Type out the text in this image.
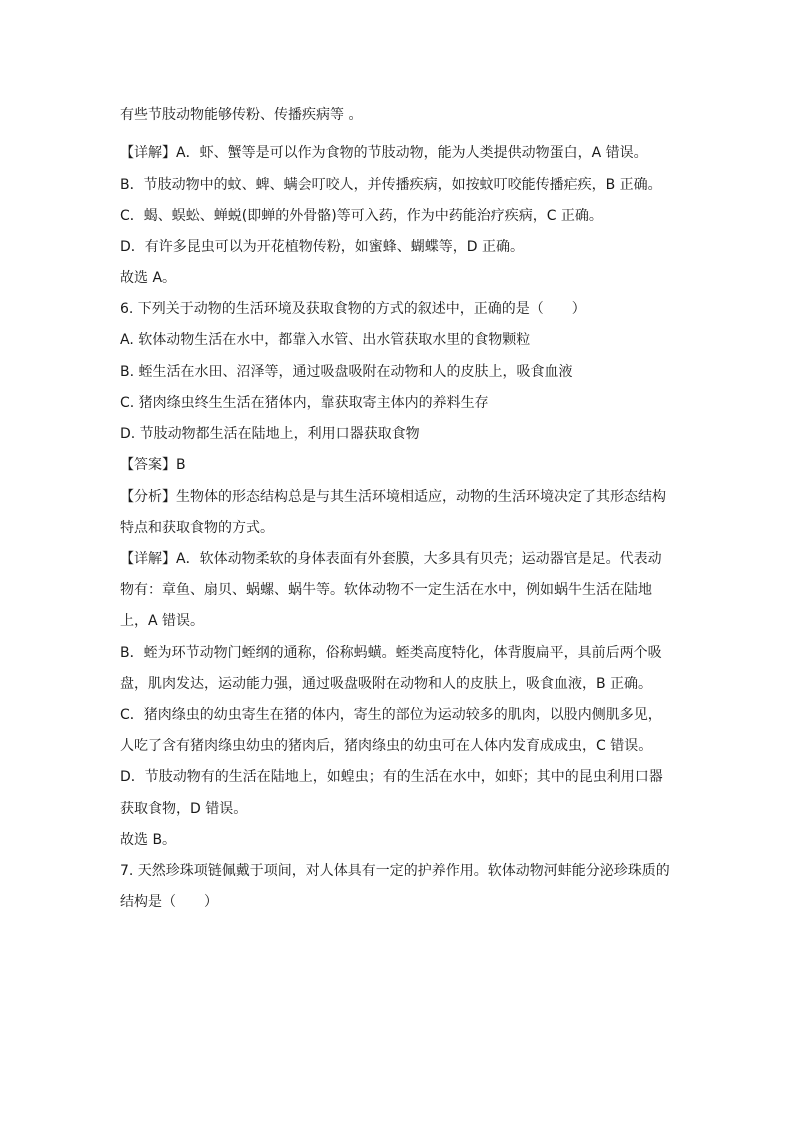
有些节肢动物能够传粉、传播疾病等 。
【详解】A．虾、蟹等是可以作为食物的节肢动物，能为人类提供动物蛋白，A 错误。
B．节肢动物中的蚊、蜱、螨会叮咬人，并传播疾病，如按蚊叮咬能传播疟疾，B 正确。
C．蝎、蜈蚣、蝉蜕(即蝉的外骨骼)等可入药，作为中药能治疗疾病，C 正确。
D．有许多昆虫可以为开花植物传粉，如蜜蜂、蝴蝶等，D 正确。
故选 A。
6. 下列关于动物的生活环境及获取食物的方式的叙述中，正确的是（　　）
A. 软体动物生活在水中，都靠入水管、出水管获取水里的食物颗粒
B. 蛭生活在水田、沼泽等，通过吸盘吸附在动物和人的皮肤上，吸食血液
C. 猪肉绦虫终生生活在猪体内，靠获取寄主体内的养料生存
D. 节肢动物都生活在陆地上，利用口器获取食物
【答案】B
【分析】生物体的形态结构总是与其生活环境相适应，动物的生活环境决定了其形态结构
特点和获取食物的方式。
【详解】A．软体动物柔软的身体表面有外套膜，大多具有贝壳；运动器官是足。代表动
物有：章鱼、扇贝、蜗螺、蜗牛等。软体动物不一定生活在水中，例如蜗牛生活在陆地
上，A 错误。
B．蛭为环节动物门蛭纲的通称，俗称蚂蟥。蛭类高度特化，体背腹扁平，具前后两个吸
盘，肌肉发达，运动能力强，通过吸盘吸附在动物和人的皮肤上，吸食血液，B 正确。
C．猪肉绦虫的幼虫寄生在猪的体内，寄生的部位为运动较多的肌肉，以股内侧肌多见，
人吃了含有猪肉绦虫幼虫的猪肉后，猪肉绦虫的幼虫可在人体内发育成成虫，C 错误。
D．节肢动物有的生活在陆地上，如蝗虫；有的生活在水中，如虾；其中的昆虫利用口器
获取食物，D 错误。
故选 B。
7. 天然珍珠项链佩戴于项间，对人体具有一定的护养作用。软体动物河蚌能分泌珍珠质的
结构是（　　）
